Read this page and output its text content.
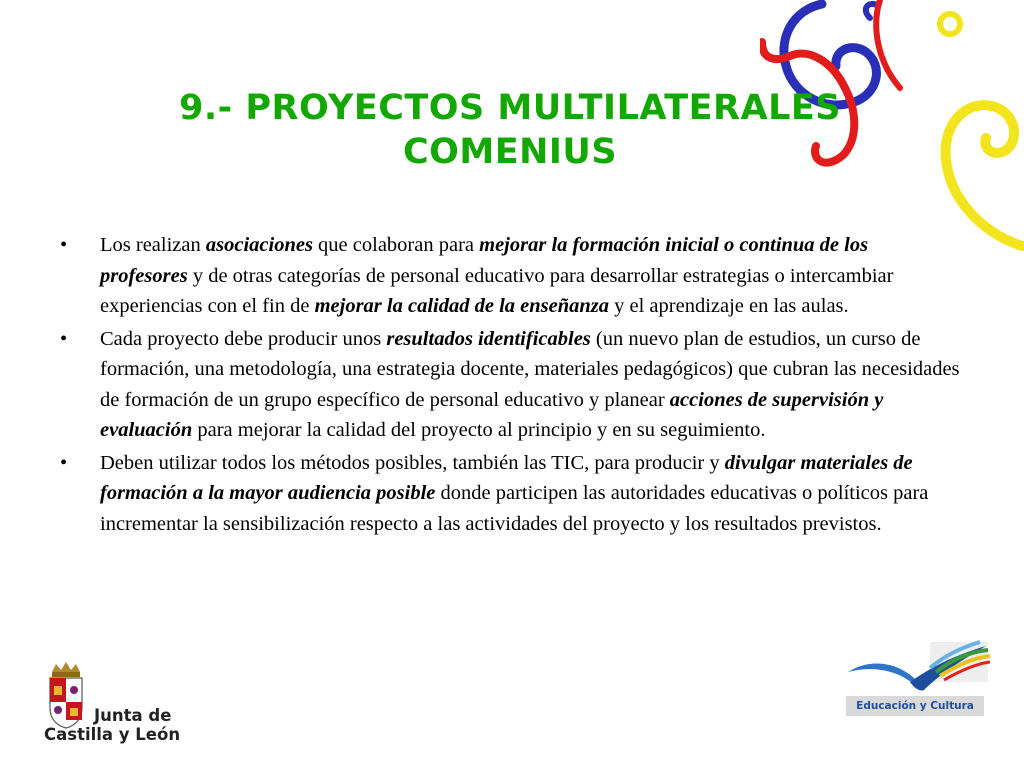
9.- PROYECTOS MULTILATERALES
COMENIUS
•	Los realizan asociaciones que colaboran para mejorar la formación inicial o continua de los profesores y de otras categorías de personal educativo para desarrollar estrategias o intercambiar experiencias con el fin de mejorar la calidad de la enseñanza y el aprendizaje en las aulas.
•	Cada proyecto debe producir unos resultados identificables (un nuevo plan de estudios, un curso de formación, una metodología, una estrategia docente, materiales pedagógicos) que cubran las necesidades de formación de un grupo específico de personal educativo y planear acciones de supervisión y evaluación para mejorar la calidad del proyecto al principio y en su seguimiento.
•	Deben utilizar todos los métodos posibles, también las TIC, para producir y divulgar materiales de formación a la mayor audiencia posible donde participen las autoridades educativas o políticos para incrementar la sensibilización respecto a las actividades del proyecto y los resultados previstos.
Junta de
Castilla y León
Educación y Cultura
